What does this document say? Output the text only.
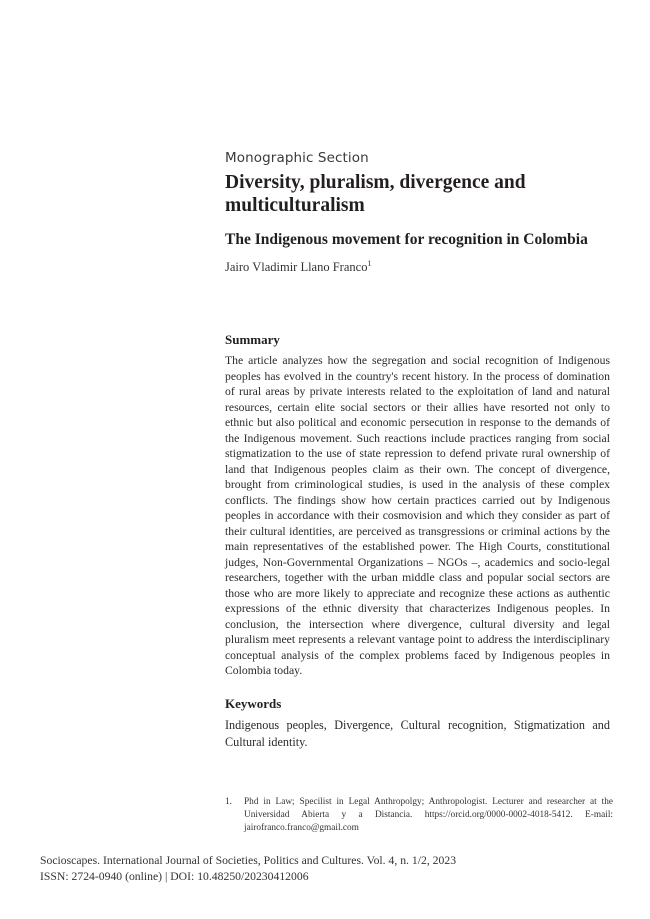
Monographic Section
Diversity, pluralism, divergence and multiculturalism
The Indigenous movement for recognition in Colombia
Jairo Vladimir Llano Franco$^1$
Summary

The article analyzes how the segregation and social recognition of Indigenous peoples has evolved in the country's recent history. In the process of domination of rural areas by private interests related to the exploitation of land and natural resources, certain elite social sectors or their allies have resorted not only to ethnic but also political and economic persecution in response to the demands of the Indigenous movement. Such reactions include practices ranging from social stigmatization to the use of state repression to defend private rural ownership of land that Indigenous peoples claim as their own. The concept of divergence, brought from criminological studies, is used in the analysis of these complex conflicts. The findings show how certain practices carried out by Indigenous peoples in accordance with their cosmovision and which they consider as part of their cultural identities, are perceived as transgressions or criminal actions by the main representatives of the established power. The High Courts, constitutional judges, Non-Governmental Organizations – NGOs –, academics and socio-legal researchers, together with the urban middle class and popular social sectors are those who are more likely to appreciate and recognize these actions as authentic expressions of the ethnic diversity that characterizes Indigenous peoples. In conclusion, the intersection where divergence, cultural diversity and legal pluralism meet represents a relevant vantage point to address the interdisciplinary conceptual analysis of the complex problems faced by Indigenous peoples in Colombia today.

Keywords

Indigenous peoples, Divergence, Cultural recognition, Stigmatization and Cultural identity.

1.	Phd in Law; Specilist in Legal Anthropolgy; Anthropologist. Lecturer and researcher at the Universidad Abierta y a Distancia. https://orcid.org/0000-0002-4018-5412. E-mail: jairofranco.franco@gmail.com
Socioscapes. International Journal of Societies, Politics and Cultures. Vol. 4, n. 1/2, 2023
ISSN: 2724-0940 (online) | DOI: 10.48250/20230412006
